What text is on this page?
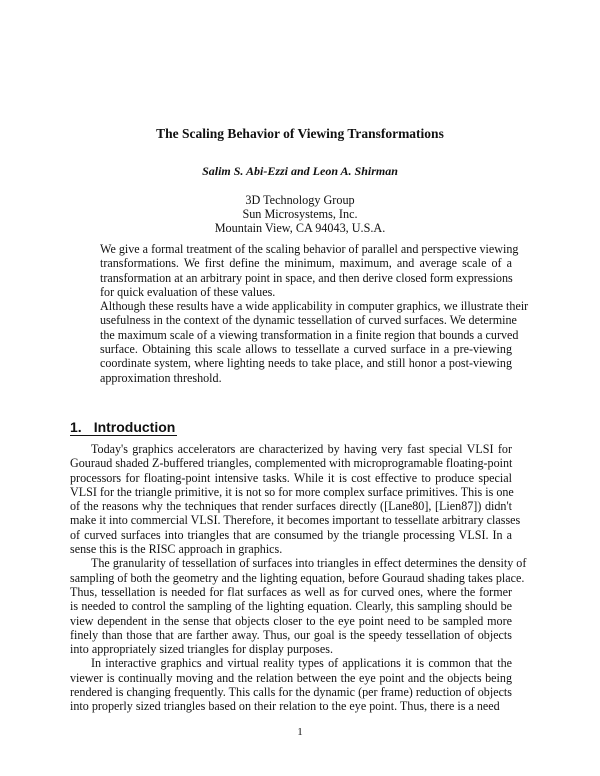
The Scaling Behavior of Viewing Transformations
Salim S. Abi-Ezzi and Leon A. Shirman
3D Technology Group
Sun Microsystems, Inc.
Mountain View, CA 94043, U.S.A.
We give a formal treatment of the scaling behavior of parallel and perspective viewing
transformations. We first define the minimum, maximum, and average scale of a
transformation at an arbitrary point in space, and then derive closed form expressions
for quick evaluation of these values.
Although these results have a wide applicability in computer graphics, we illustrate their
usefulness in the context of the dynamic tessellation of curved surfaces. We determine
the maximum scale of a viewing transformation in a finite region that bounds a curved
surface. Obtaining this scale allows to tessellate a curved surface in a pre-viewing
coordinate system, where lighting needs to take place, and still honor a post-viewing
approximation threshold.
1. Introduction
Today's graphics accelerators are characterized by having very fast special VLSI for
Gouraud shaded Z-buffered triangles, complemented with microprogramable floating-point
processors for floating-point intensive tasks. While it is cost effective to produce special
VLSI for the triangle primitive, it is not so for more complex surface primitives. This is one
of the reasons why the techniques that render surfaces directly ([Lane80], [Lien87]) didn't
make it into commercial VLSI. Therefore, it becomes important to tessellate arbitrary classes
of curved surfaces into triangles that are consumed by the triangle processing VLSI. In a
sense this is the RISC approach in graphics.
The granularity of tessellation of surfaces into triangles in effect determines the density of
sampling of both the geometry and the lighting equation, before Gouraud shading takes place.
Thus, tessellation is needed for flat surfaces as well as for curved ones, where the former
is needed to control the sampling of the lighting equation. Clearly, this sampling should be
view dependent in the sense that objects closer to the eye point need to be sampled more
finely than those that are farther away. Thus, our goal is the speedy tessellation of objects
into appropriately sized triangles for display purposes.
In interactive graphics and virtual reality types of applications it is common that the
viewer is continually moving and the relation between the eye point and the objects being
rendered is changing frequently. This calls for the dynamic (per frame) reduction of objects
into properly sized triangles based on their relation to the eye point. Thus, there is a need
1
